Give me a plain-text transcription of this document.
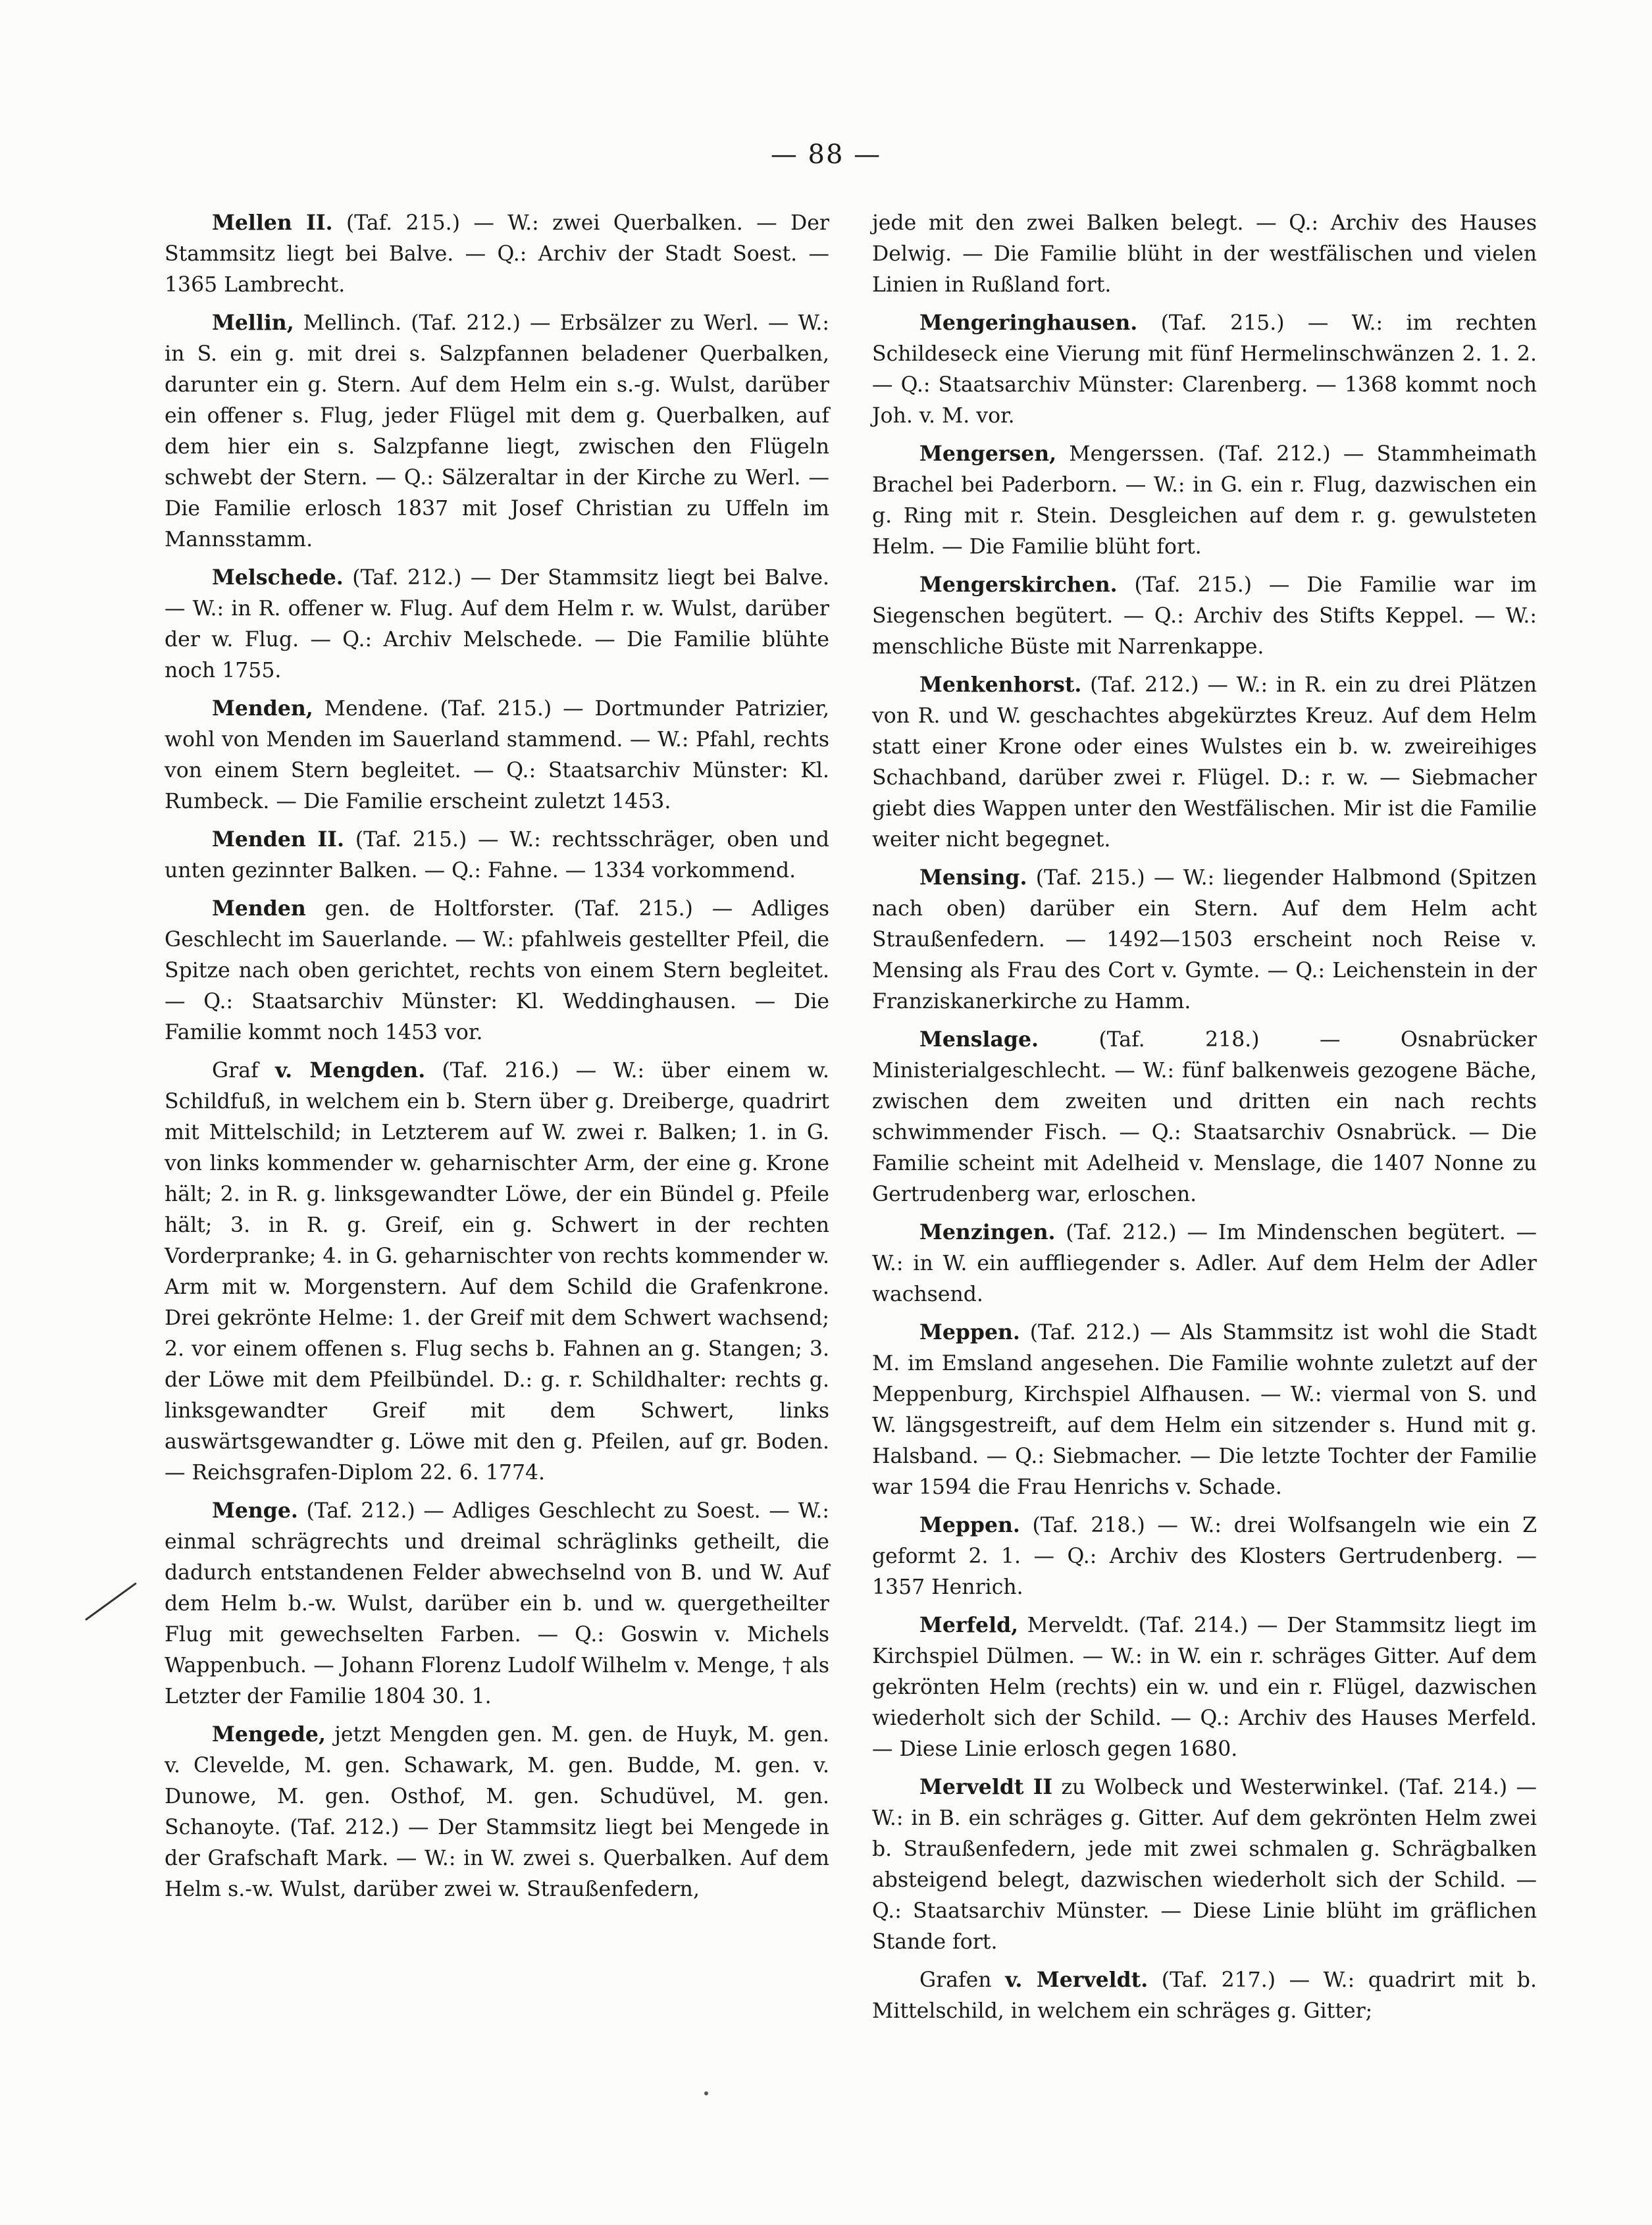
— 88 —

Mellen II. (Taf. 215.) — W.: zwei Querbalken. — Der Stammsitz liegt bei Balve. — Q.: Archiv der Stadt Soest. — 1365 Lambrecht.

Mellin, Mellinch. (Taf. 212.) — Erbsälzer zu Werl. — W.: in S. ein g. mit drei s. Salzpfannen beladener Querbalken, darunter ein g. Stern. Auf dem Helm ein s.-g. Wulst, darüber ein offener s. Flug, jeder Flügel mit dem g. Querbalken, auf dem hier ein s. Salzpfanne liegt, zwischen den Flügeln schwebt der Stern. — Q.: Sälzeraltar in der Kirche zu Werl. — Die Familie erlosch 1837 mit Josef Christian zu Uffeln im Mannsstamm.

Melschede. (Taf. 212.) — Der Stammsitz liegt bei Balve. — W.: in R. offener w. Flug. Auf dem Helm r. w. Wulst, darüber der w. Flug. — Q.: Archiv Melschede. — Die Familie blühte noch 1755.

Menden, Mendene. (Taf. 215.) — Dortmunder Patrizier, wohl von Menden im Sauerland stammend. — W.: Pfahl, rechts von einem Stern begleitet. — Q.: Staatsarchiv Münster: Kl. Rumbeck. — Die Familie erscheint zuletzt 1453.

Menden II. (Taf. 215.) — W.: rechtsschräger, oben und unten gezinnter Balken. — Q.: Fahne. — 1334 vorkommend.

Menden gen. de Holtforster. (Taf. 215.) — Adliges Geschlecht im Sauerlande. — W.: pfahlweis gestellter Pfeil, die Spitze nach oben gerichtet, rechts von einem Stern begleitet. — Q.: Staatsarchiv Münster: Kl. Weddinghausen. — Die Familie kommt noch 1453 vor.

Graf v. Mengden. (Taf. 216.) — W.: über einem w. Schildfuß, in welchem ein b. Stern über g. Dreiberge, quadrirt mit Mittelschild; in Letzterem auf W. zwei r. Balken; 1. in G. von links kommender w. geharnischter Arm, der eine g. Krone hält; 2. in R. g. linksgewandter Löwe, der ein Bündel g. Pfeile hält; 3. in R. g. Greif, ein g. Schwert in der rechten Vorderpranke; 4. in G. geharnischter von rechts kommender w. Arm mit w. Morgenstern. Auf dem Schild die Grafenkrone. Drei gekrönte Helme: 1. der Greif mit dem Schwert wachsend; 2. vor einem offenen s. Flug sechs b. Fahnen an g. Stangen; 3. der Löwe mit dem Pfeilbündel. D.: g. r. Schildhalter: rechts g. linksgewandter Greif mit dem Schwert, links auswärtsgewandter g. Löwe mit den g. Pfeilen, auf gr. Boden. — Reichsgrafen-Diplom 22. 6. 1774.

Menge. (Taf. 212.) — Adliges Geschlecht zu Soest. — W.: einmal schrägrechts und dreimal schräglinks getheilt, die dadurch entstandenen Felder abwechselnd von B. und W. Auf dem Helm b.-w. Wulst, darüber ein b. und w. quergetheilter Flug mit gewechselten Farben. — Q.: Goswin v. Michels Wappenbuch. — Johann Florenz Ludolf Wilhelm v. Menge, † als Letzter der Familie 1804 30. 1.

Mengede, jetzt Mengden gen. M. gen. de Huyk, M. gen. v. Clevelde, M. gen. Schawark, M. gen. Budde, M. gen. v. Dunowe, M. gen. Osthof, M. gen. Schudüvel, M. gen. Schanoyte. (Taf. 212.) — Der Stammsitz liegt bei Mengede in der Grafschaft Mark. — W.: in W. zwei s. Querbalken. Auf dem Helm s.-w. Wulst, darüber zwei w. Straußenfedern,

jede mit den zwei Balken belegt. — Q.: Archiv des Hauses Delwig. — Die Familie blüht in der westfälischen und vielen Linien in Rußland fort.

Mengeringhausen. (Taf. 215.) — W.: im rechten Schildeseck eine Vierung mit fünf Hermelinschwänzen 2. 1. 2. — Q.: Staatsarchiv Münster: Clarenberg. — 1368 kommt noch Joh. v. M. vor.

Mengersen, Mengerssen. (Taf. 212.) — Stammheimath Brachel bei Paderborn. — W.: in G. ein r. Flug, dazwischen ein g. Ring mit r. Stein. Desgleichen auf dem r. g. gewulsteten Helm. — Die Familie blüht fort.

Mengerskirchen. (Taf. 215.) — Die Familie war im Siegenschen begütert. — Q.: Archiv des Stifts Keppel. — W.: menschliche Büste mit Narrenkappe.

Menkenhorst. (Taf. 212.) — W.: in R. ein zu drei Plätzen von R. und W. geschachtes abgekürztes Kreuz. Auf dem Helm statt einer Krone oder eines Wulstes ein b. w. zweireihiges Schachband, darüber zwei r. Flügel. D.: r. w. — Siebmacher giebt dies Wappen unter den Westfälischen. Mir ist die Familie weiter nicht begegnet.

Mensing. (Taf. 215.) — W.: liegender Halbmond (Spitzen nach oben) darüber ein Stern. Auf dem Helm acht Straußenfedern. — 1492—1503 erscheint noch Reise v. Mensing als Frau des Cort v. Gymte. — Q.: Leichenstein in der Franziskanerkirche zu Hamm.

Menslage. (Taf. 218.) — Osnabrücker Ministerialgeschlecht. — W.: fünf balkenweis gezogene Bäche, zwischen dem zweiten und dritten ein nach rechts schwimmender Fisch. — Q.: Staatsarchiv Osnabrück. — Die Familie scheint mit Adelheid v. Menslage, die 1407 Nonne zu Gertrudenberg war, erloschen.

Menzingen. (Taf. 212.) — Im Mindenschen begütert. — W.: in W. ein auffliegender s. Adler. Auf dem Helm der Adler wachsend.

Meppen. (Taf. 212.) — Als Stammsitz ist wohl die Stadt M. im Emsland angesehen. Die Familie wohnte zuletzt auf der Meppenburg, Kirchspiel Alfhausen. — W.: viermal von S. und W. längsgestreift, auf dem Helm ein sitzender s. Hund mit g. Halsband. — Q.: Siebmacher. — Die letzte Tochter der Familie war 1594 die Frau Henrichs v. Schade.

Meppen. (Taf. 218.) — W.: drei Wolfsangeln wie ein Z geformt 2. 1. — Q.: Archiv des Klosters Gertrudenberg. — 1357 Henrich.

Merfeld, Merveldt. (Taf. 214.) — Der Stammsitz liegt im Kirchspiel Dülmen. — W.: in W. ein r. schräges Gitter. Auf dem gekrönten Helm (rechts) ein w. und ein r. Flügel, dazwischen wiederholt sich der Schild. — Q.: Archiv des Hauses Merfeld. — Diese Linie erlosch gegen 1680.

Merveldt II zu Wolbeck und Westerwinkel. (Taf. 214.) — W.: in B. ein schräges g. Gitter. Auf dem gekrönten Helm zwei b. Straußenfedern, jede mit zwei schmalen g. Schrägbalken absteigend belegt, dazwischen wiederholt sich der Schild. — Q.: Staatsarchiv Münster. — Diese Linie blüht im gräflichen Stande fort.

Grafen v. Merveldt. (Taf. 217.) — W.: quadrirt mit b. Mittelschild, in welchem ein schräges g. Gitter;
